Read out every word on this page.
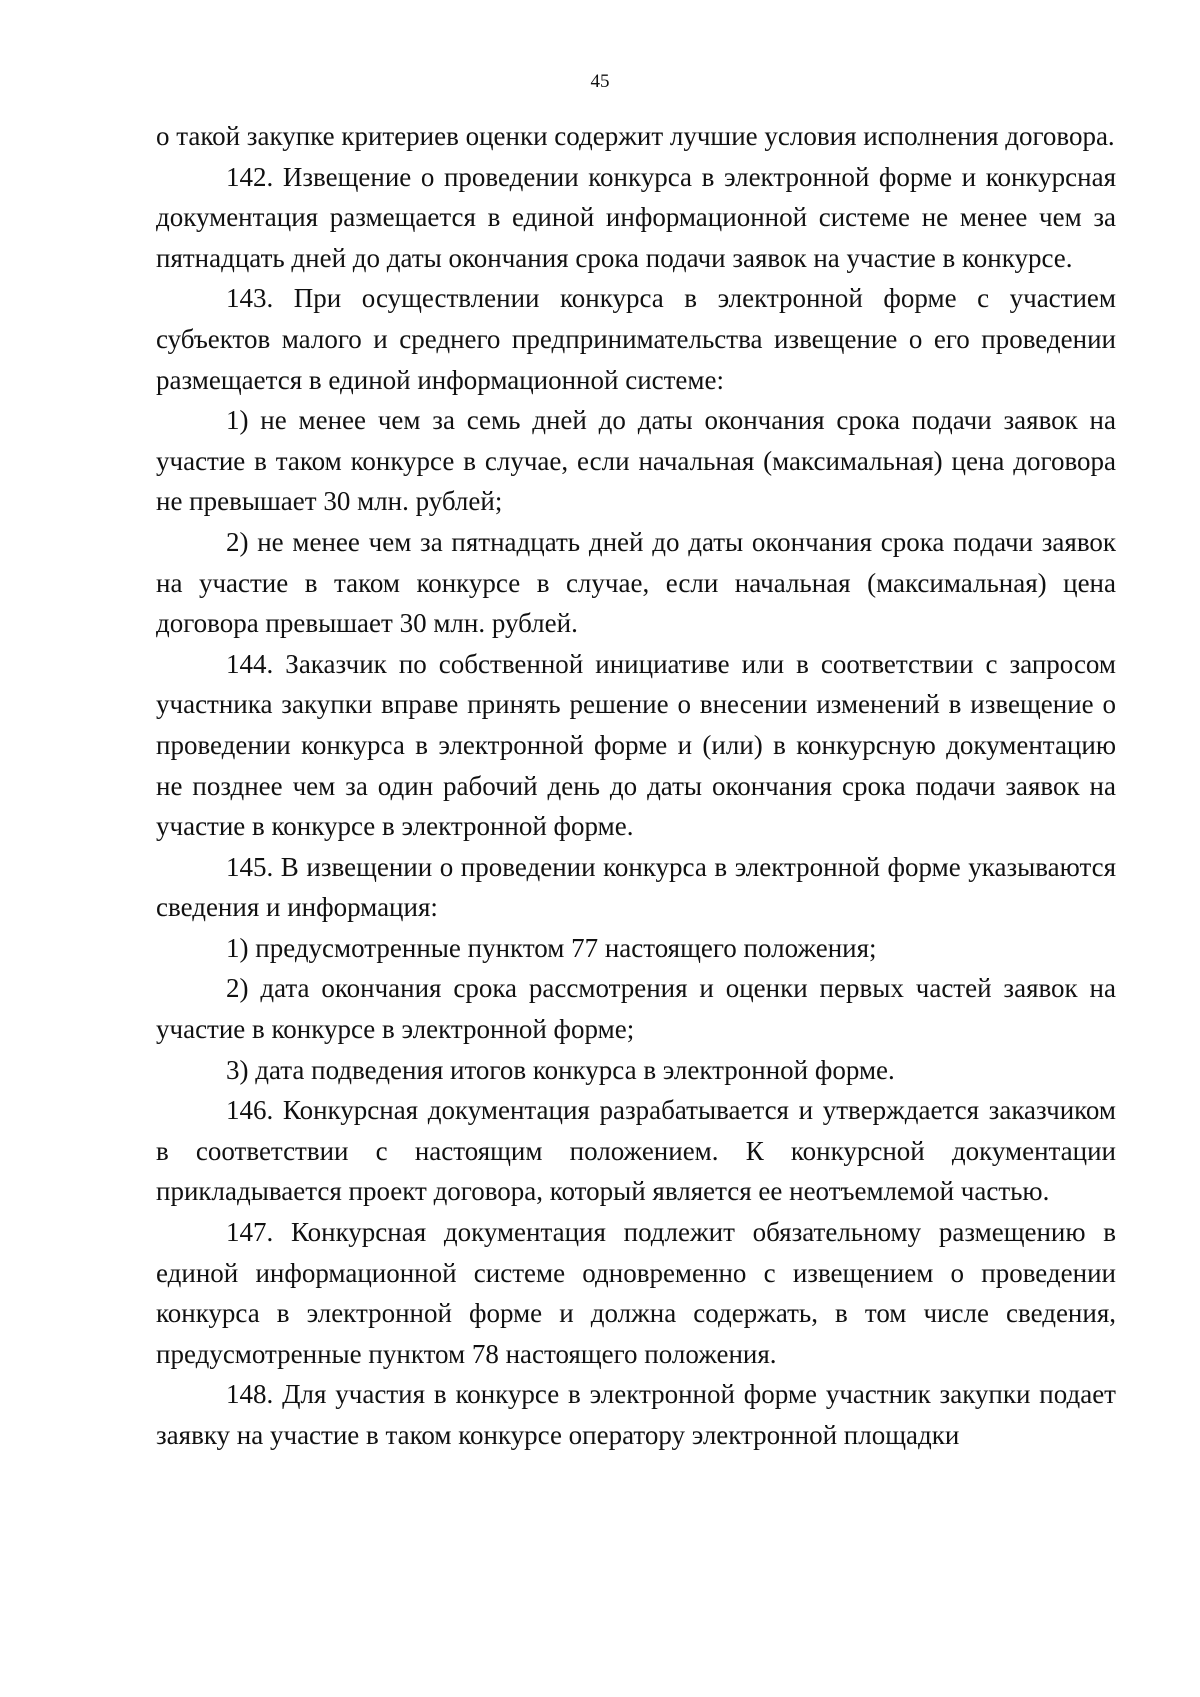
45

о такой закупке критериев оценки содержит лучшие условия исполнения договора.

142. Извещение о проведении конкурса в электронной форме и конкурсная документация размещается в единой информационной системе не менее чем за пятнадцать дней до даты окончания срока подачи заявок на участие в конкурсе.

143. При осуществлении конкурса в электронной форме с участием субъектов малого и среднего предпринимательства извещение о его проведении размещается в единой информационной системе:

1) не менее чем за семь дней до даты окончания срока подачи заявок на участие в таком конкурсе в случае, если начальная (максимальная) цена договора не превышает 30 млн. рублей;

2) не менее чем за пятнадцать дней до даты окончания срока подачи заявок на участие в таком конкурсе в случае, если начальная (максимальная) цена договора превышает 30 млн. рублей.

144. Заказчик по собственной инициативе или в соответствии с запросом участника закупки вправе принять решение о внесении изменений в извещение о проведении конкурса в электронной форме и (или) в конкурсную документацию не позднее чем за один рабочий день до даты окончания срока подачи заявок на участие в конкурсе в электронной форме.

145. В извещении о проведении конкурса в электронной форме указываются сведения и информация:

1) предусмотренные пунктом 77 настоящего положения;

2) дата окончания срока рассмотрения и оценки первых частей заявок на участие в конкурсе в электронной форме;

3) дата подведения итогов конкурса в электронной форме.

146. Конкурсная документация разрабатывается и утверждается заказчиком в соответствии с настоящим положением. К конкурсной документации прикладывается проект договора, который является ее неотъемлемой частью.

147. Конкурсная документация подлежит обязательному размещению в единой информационной системе одновременно с извещением о проведении конкурса в электронной форме и должна содержать, в том числе сведения, предусмотренные пунктом 78 настоящего положения.

148. Для участия в конкурсе в электронной форме участник закупки подает заявку на участие в таком конкурсе оператору электронной площадки
